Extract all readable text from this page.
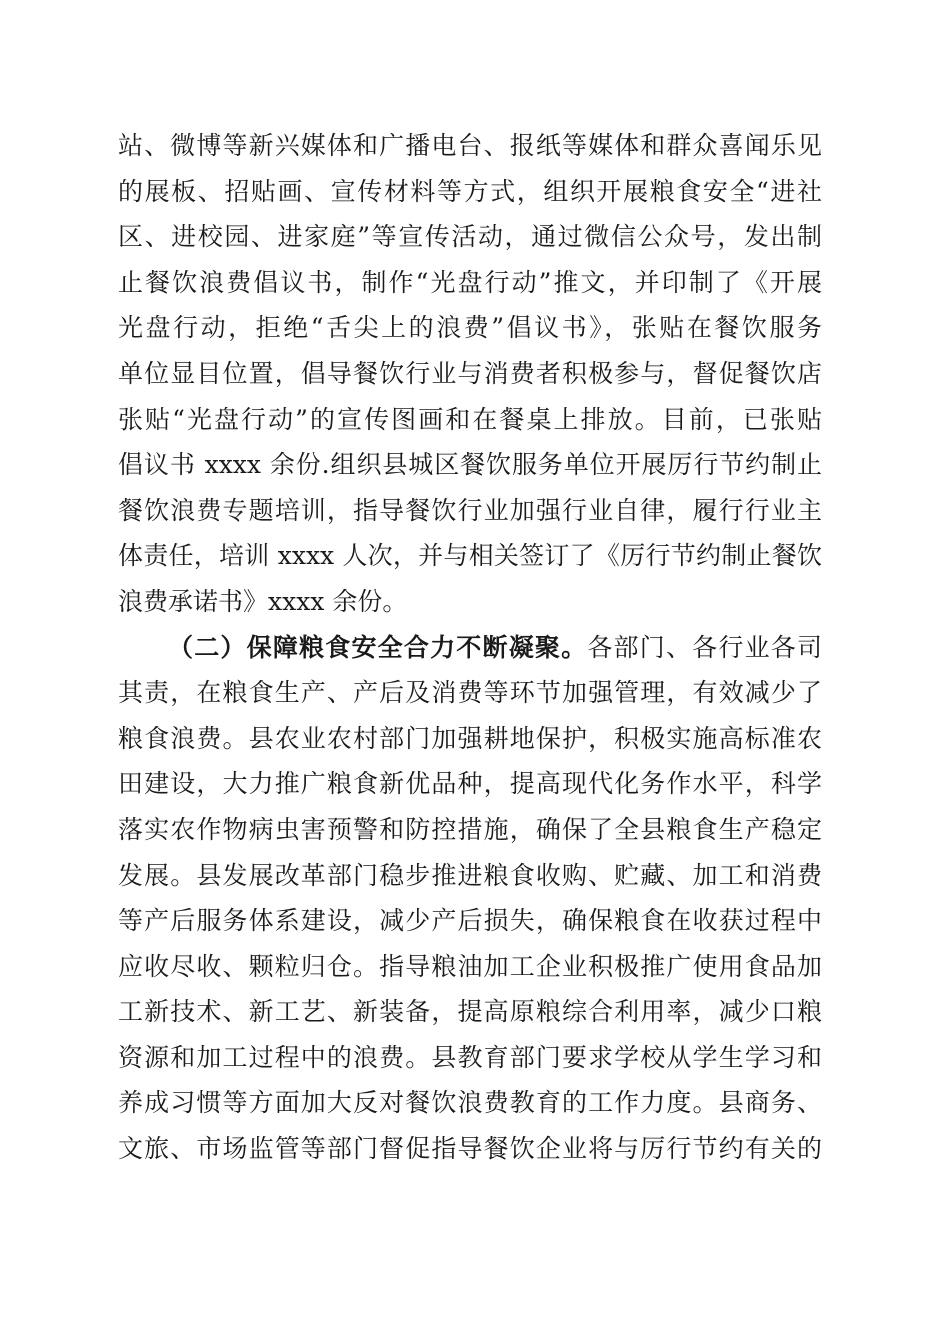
站、微博等新兴媒体和广播电台、报纸等媒体和群众喜闻乐见
的展板、招贴画、宣传材料等方式，组织开展粮食安全“进社
区、进校园、进家庭”等宣传活动，通过微信公众号，发出制
止餐饮浪费倡议书，制作“光盘行动”推文，并印制了《开展
光盘行动，拒绝“舌尖上的浪费”倡议书》，张贴在餐饮服务
单位显目位置，倡导餐饮行业与消费者积极参与，督促餐饮店
张贴“光盘行动”的宣传图画和在餐桌上排放。目前，已张贴
倡议书 xxxx 余份.组织县城区餐饮服务单位开展厉行节约制止
餐饮浪费专题培训，指导餐饮行业加强行业自律，履行行业主
体责任，培训 xxxx 人次，并与相关签订了《厉行节约制止餐饮
浪费承诺书》xxxx 余份。
（二）保障粮食安全合力不断凝聚。各部门、各行业各司
其责，在粮食生产、产后及消费等环节加强管理，有效减少了
粮食浪费。县农业农村部门加强耕地保护，积极实施高标准农
田建设，大力推广粮食新优品种，提高现代化务作水平，科学
落实农作物病虫害预警和防控措施，确保了全县粮食生产稳定
发展。县发展改革部门稳步推进粮食收购、贮藏、加工和消费
等产后服务体系建设，减少产后损失，确保粮食在收获过程中
应收尽收、颗粒归仓。指导粮油加工企业积极推广使用食品加
工新技术、新工艺、新装备，提高原粮综合利用率，减少口粮
资源和加工过程中的浪费。县教育部门要求学校从学生学习和
养成习惯等方面加大反对餐饮浪费教育的工作力度。县商务、
文旅、市场监管等部门督促指导餐饮企业将与厉行节约有关的
